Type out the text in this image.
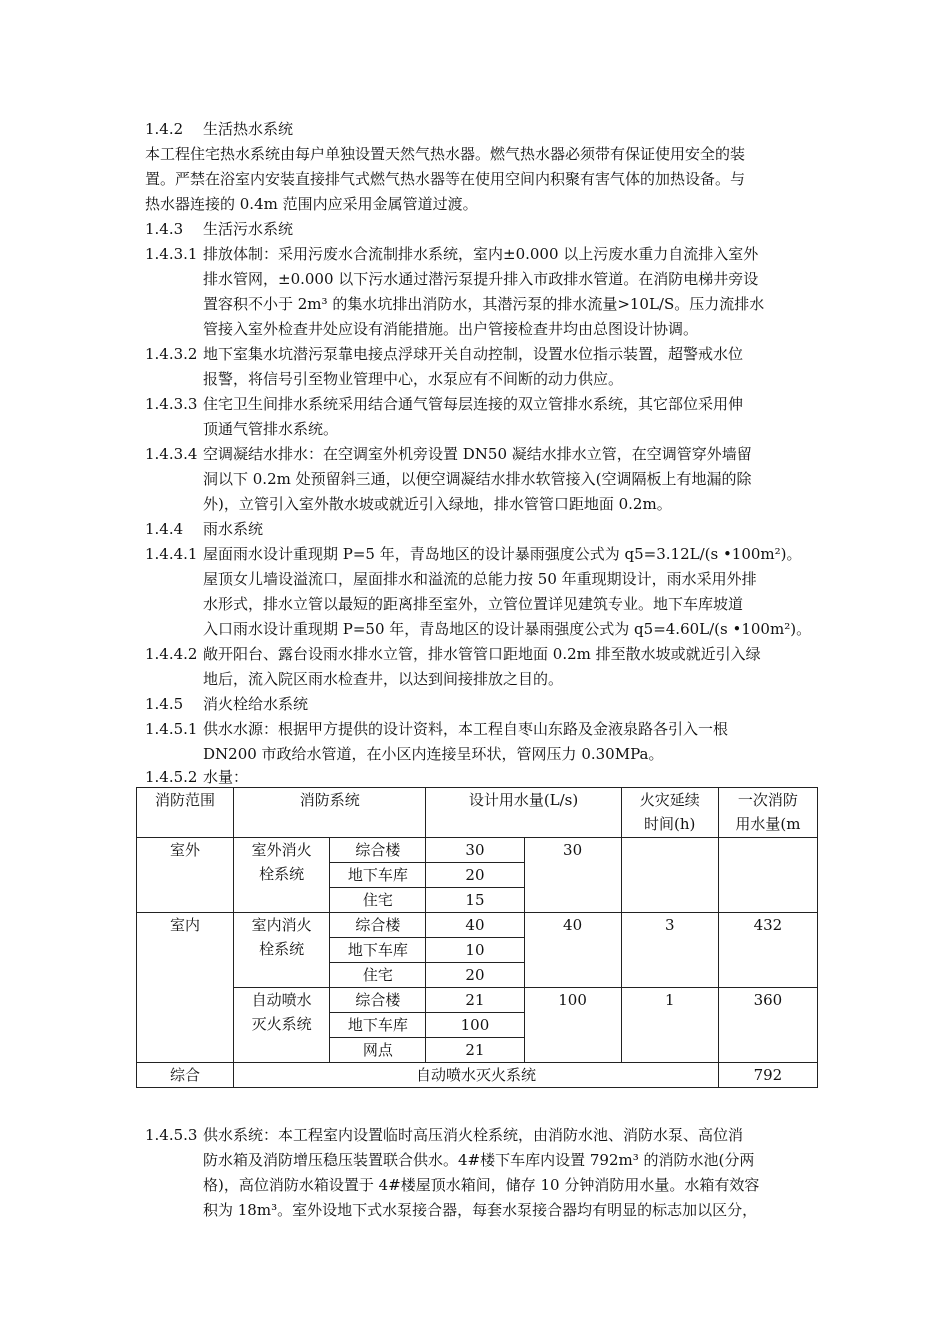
1.4.2 生活热水系统
本工程住宅热水系统由每户单独设置天然气热水器。燃气热水器必须带有保证使用安全的装
置。严禁在浴室内安装直接排气式燃气热水器等在使用空间内积聚有害气体的加热设备。与
热水器连接的 0.4m 范围内应采用金属管道过渡。
1.4.3 生活污水系统
1.4.3.1 排放体制：采用污废水合流制排水系统，室内±0.000 以上污废水重力自流排入室外
排水管网，±0.000 以下污水通过潜污泵提升排入市政排水管道。在消防电梯井旁设
置容积不小于 2m³ 的集水坑排出消防水，其潜污泵的排水流量>10L/S。压力流排水
管接入室外检查井处应设有消能措施。出户管接检查井均由总图设计协调。
1.4.3.2 地下室集水坑潜污泵靠电接点浮球开关自动控制，设置水位指示装置，超警戒水位
报警，将信号引至物业管理中心，水泵应有不间断的动力供应。
1.4.3.3 住宅卫生间排水系统采用结合通气管每层连接的双立管排水系统，其它部位采用伸
顶通气管排水系统。
1.4.3.4 空调凝结水排水：在空调室外机旁设置 DN50 凝结水排水立管，在空调管穿外墙留
洞以下 0.2m 处预留斜三通，以便空调凝结水排水软管接入(空调隔板上有地漏的除
外)，立管引入室外散水坡或就近引入绿地，排水管管口距地面 0.2m。
1.4.4 雨水系统
1.4.4.1 屋面雨水设计重现期 P=5 年，青岛地区的设计暴雨强度公式为 q5=3.12L/(s •100m²)。
屋顶女儿墙设溢流口，屋面排水和溢流的总能力按 50 年重现期设计，雨水采用外排
水形式，排水立管以最短的距离排至室外，立管位置详见建筑专业。地下车库坡道
入口雨水设计重现期 P=50 年，青岛地区的设计暴雨强度公式为 q5=4.60L/(s •100m²)。
1.4.4.2 敞开阳台、露台设雨水排水立管，排水管管口距地面 0.2m 排至散水坡或就近引入绿
地后，流入院区雨水检查井，以达到间接排放之目的。
1.4.5 消火栓给水系统
1.4.5.1 供水水源：根据甲方提供的设计资料，本工程自枣山东路及金液泉路各引入一根
DN200 市政给水管道，在小区内连接呈环状，管网压力 0.30MPa。
1.4.5.2 水量：
消防范围	消防系统		设计用水量(L/s)		火灾延续时间(h)	一次消防用水量(m
室外	室外消火栓系统	综合楼	30	30		
		地下车库	20			
		住宅	15			
室内	室内消火栓系统	综合楼	40	40	3	432
		地下车库	10			
		住宅	20			
	自动喷水灭火系统	综合楼	21	100	1	360
		地下车库	100			
		网点	21			
综合	自动喷水灭火系统					792
1.4.5.3 供水系统：本工程室内设置临时高压消火栓系统，由消防水池、消防水泵、高位消
防水箱及消防增压稳压装置联合供水。4#楼下车库内设置 792m³ 的消防水池(分两
格)，高位消防水箱设置于 4#楼屋顶水箱间，储存 10 分钟消防用水量。水箱有效容
积为 18m³。室外设地下式水泵接合器，每套水泵接合器均有明显的标志加以区分，
